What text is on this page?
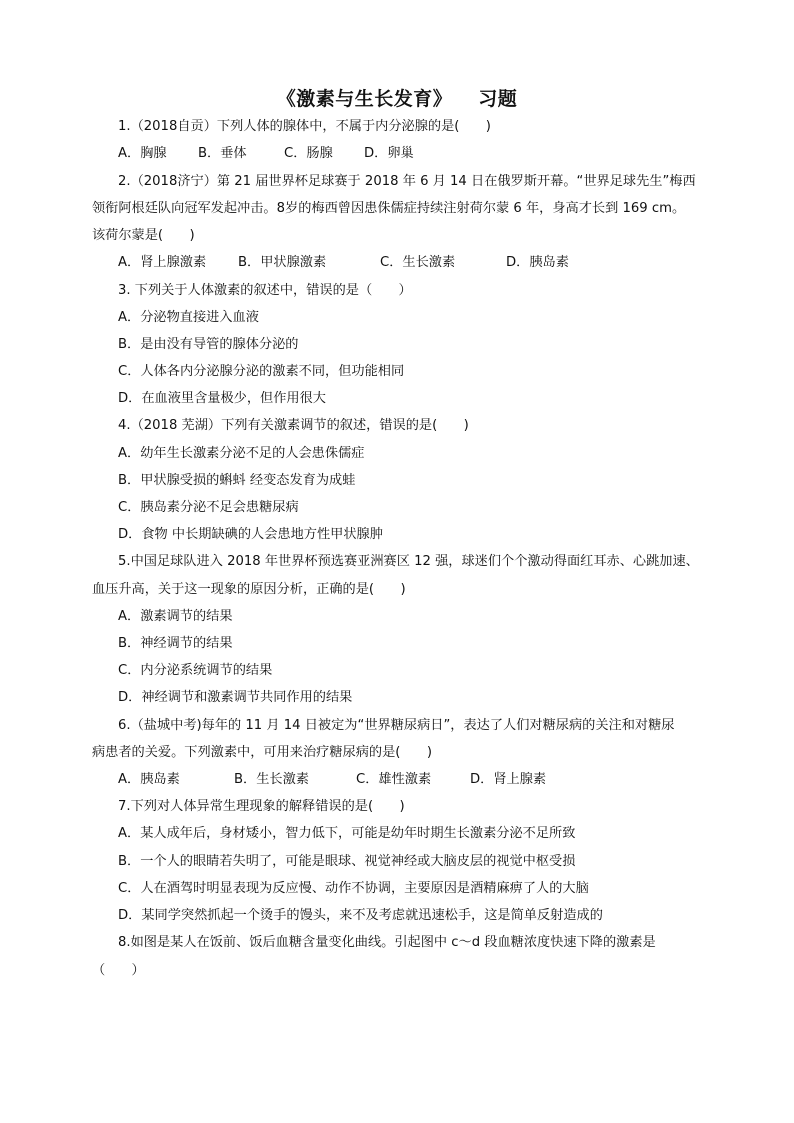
《激素与生长发育》 习题
1.（2018自贡）下列人体的腺体中，不属于内分泌腺的是(　　)
A．胸腺 B．垂体	C．肠腺 D．卵巢
2.（2018济宁）第 21 届世界杯足球赛于 2018 年 6 月 14 日在俄罗斯开幕。“世界足球先生”梅西
领衔阿根廷队向冠军发起冲击。8岁的梅西曾因患侏儒症持续注射荷尔蒙 6 年，身高才长到 169 cm。
该荷尔蒙是(　　)
A．肾上腺激素 B．甲状腺激素	C．生长激素	D．胰岛素
3. 下列关于人体激素的叙述中，错误的是（　　）
A．分泌物直接进入血液
B．是由没有导管的腺体分泌的
C．人体各内分泌腺分泌的激素不同，但功能相同
D．在血液里含量极少，但作用很大
4.（2018 芜湖）下列有关激素调节的叙述，错误的是(　　)
A．幼年生长激素分泌不足的人会患侏儒症
B．甲状腺受损的蝌蚪 经变态发育为成蛙
C．胰岛素分泌不足会患糖尿病
D．食物 中长期缺碘的人会患地方性甲状腺肿
5.中国足球队进入 2018 年世界杯预选赛亚洲赛区 12 强，球迷们个个激动得面红耳赤、心跳加速、
血压升高，关于这一现象的原因分析，正确的是(　　)
A．激素调节的结果
B．神经调节的结果
C．内分泌系统调节的结果
D．神经调节和激素调节共同作用的结果
6.（盐城中考)每年的 11 月 14 日被定为“世界糖尿病日”，表达了人们对糖尿病的关注和对糖尿
病患者的关爱。下列激素中，可用来治疗糖尿病的是(　　)
A．胰岛素	B．生长激素	C．雄性激素	D．肾上腺素
7.下列对人体异常生理现象的解释错误的是(　　)
A．某人成年后，身材矮小，智力低下，可能是幼年时期生长激素分泌不足所致
B．一个人的眼睛若失明了，可能是眼球、视觉神经或大脑皮层的视觉中枢受损
C．人在酒驾时明显表现为反应慢、动作不协调，主要原因是酒精麻痹了人的大脑
D．某同学突然抓起一个烫手的馒头，来不及考虑就迅速松手，这是简单反射造成的
8.如图是某人在饭前、饭后血糖含量变化曲线。引起图中 c～d 段血糖浓度快速下降的激素是
（　　）
